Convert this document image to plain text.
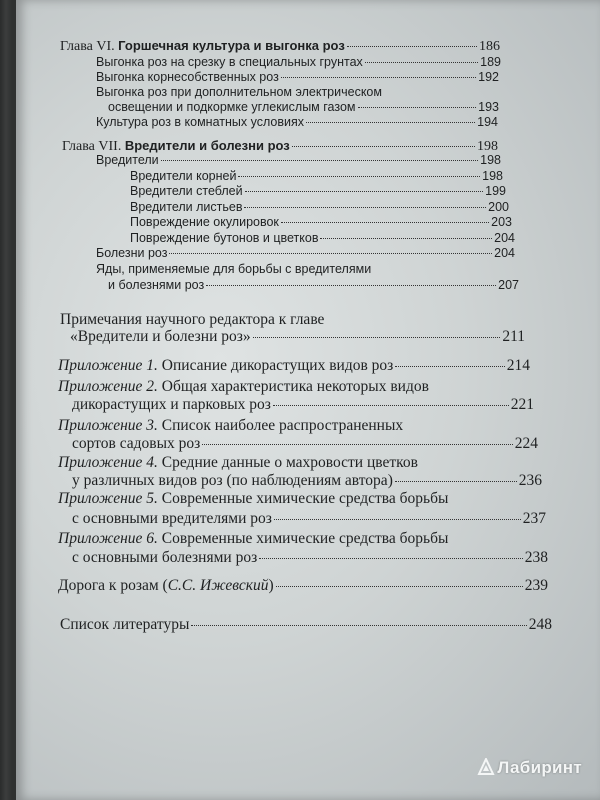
Глава VI. Горшечная культура и выгонка роз	186
Выгонка роз на срезку в специальных грунтах	189
Выгонка корнесобственных роз	192
Выгонка роз при дополнительном электрическом
освещении и подкормке углекислым газом	193
Культура роз в комнатных условиях	194
Глава VII. Вредители и болезни роз	198
Вредители	198
Вредители корней	198
Вредители стеблей	199
Вредители листьев	200
Повреждение окулировок	203
Повреждение бутонов и цветков	204
Болезни роз	204
Яды, применяемые для борьбы с вредителями
и болезнями роз	207
Примечания научного редактора к главе
«Вредители и болезни роз»	211
Приложение 1. Описание дикорастущих видов роз	214
Приложение 2. Общая характеристика некоторых видов
дикорастущих и парковых роз	221
Приложение 3. Список наиболее распространенных
сортов садовых роз	224
Приложение 4. Средние данные о махровости цветков
у различных видов роз (по наблюдениям автора)	236
Приложение 5. Современные химические средства борьбы
с основными вредителями роз	237
Приложение 6. Современные химические средства борьбы
с основными болезнями роз	238
Дорога к розам (С.С. Ижевский)	239
Список литературы	248
Лабиринт
